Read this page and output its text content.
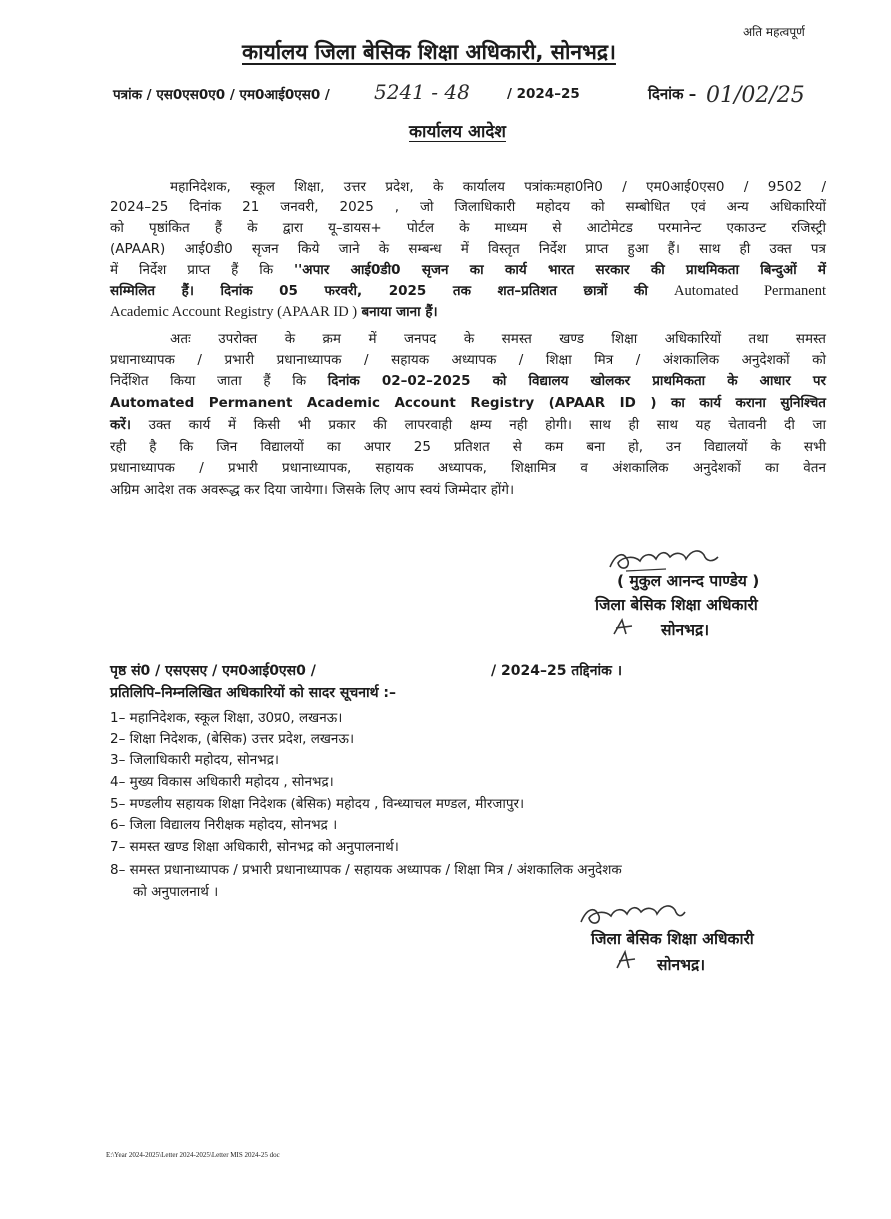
अति महत्वपूर्ण
कार्यालय जिला बेसिक शिक्षा अधिकारी, सोनभद्र।
पत्रांक / एस0एस0ए0 / एम0आई0एस0 / 5241 - 48	/ 2024–25	दिनांक – 01/02/25
कार्यालय आदेश
महानिदेशक, स्कूल शिक्षा, उत्तर प्रदेश, के कार्यालय पत्रांकःमहा0नि0 / एम0आई0एस0 / 9502 /
2024–25 दिनांक 21 जनवरी, 2025 , जो जिलाधिकारी महोदय को सम्बोधित एवं अन्य अधिकारियों
को पृष्ठांकित हैं के द्वारा यू–डायस+ पोर्टल के माध्यम से आटोमेटड परमानेन्ट एकाउन्ट रजिस्ट्री
(APAAR) आई0डी0 सृजन किये जाने के सम्बन्ध में विस्तृत निर्देश प्राप्त हुआ हैं। साथ ही उक्त पत्र
में निर्देश प्राप्त हैं कि ''अपार आई0डी0 सृजन का कार्य भारत सरकार की प्राथमिकता बिन्दुओं में
सम्मिलित हैं। दिनांक 05 फरवरी, 2025 तक शत–प्रतिशत छात्रों की Automated Permanent
Academic Account Registry (APAAR ID ) बनाया जाना हैं।
अतः उपरोक्त के क्रम में जनपद के समस्त खण्ड शिक्षा अधिकारियों तथा समस्त
प्रधानाध्यापक / प्रभारी प्रधानाध्यापक / सहायक अध्यापक / शिक्षा मित्र / अंशकालिक अनुदेशकों को
निर्देशित किया जाता हैं कि दिनांक 02–02–2025 को विद्यालय खोलकर प्राथमिकता के आधार पर
Automated Permanent Academic Account Registry (APAAR ID ) का कार्य कराना सुनिश्चित
करें। उक्त कार्य में किसी भी प्रकार की लापरवाही क्षम्य नही होगी। साथ ही साथ यह चेतावनी दी जा
रही है कि जिन विद्यालयों का अपार 25 प्रतिशत से कम बना हो, उन विद्यालयों के सभी
प्रधानाध्यापक / प्रभारी प्रधानाध्यापक, सहायक अध्यापक, शिक्षामित्र व अंशकालिक अनुदेशकों का वेतन
अग्रिम आदेश तक अवरूद्ध कर दिया जायेगा। जिसके लिए आप स्वयं जिम्मेदार होंगे।
( मुकुल आनन्द पाण्डेय )
जिला बेसिक शिक्षा अधिकारी
सोनभद्र।
पृष्ठ सं0 / एसएसए / एम0आई0एस0 /	/ 2024–25 तद्दिनांक ।
प्रतिलिपि–निम्नलिखित अधिकारियों को सादर सूचनार्थ :–
1– महानिदेशक, स्कूल शिक्षा, उ0प्र0, लखनऊ।
2– शिक्षा निदेशक, (बेसिक) उत्तर प्रदेश, लखनऊ।
3– जिलाधिकारी महोदय, सोनभद्र।
4– मुख्य विकास अधिकारी महोदय , सोनभद्र।
5– मण्डलीय सहायक शिक्षा निदेशक (बेसिक) महोदय , विन्ध्याचल मण्डल, मीरजापुर।
6– जिला विद्यालय निरीक्षक महोदय, सोनभद्र ।
7– समस्त खण्ड शिक्षा अधिकारी, सोनभद्र को अनुपालनार्थ।
8– समस्त प्रधानाध्यापक / प्रभारी प्रधानाध्यापक / सहायक अध्यापक / शिक्षा मित्र / अंशकालिक अनुदेशक
को अनुपालनार्थ ।
जिला बेसिक शिक्षा अधिकारी
सोनभद्र।
E:\Year 2024-2025\Letter 2024-2025\Letter MIS 2024-25 doc
